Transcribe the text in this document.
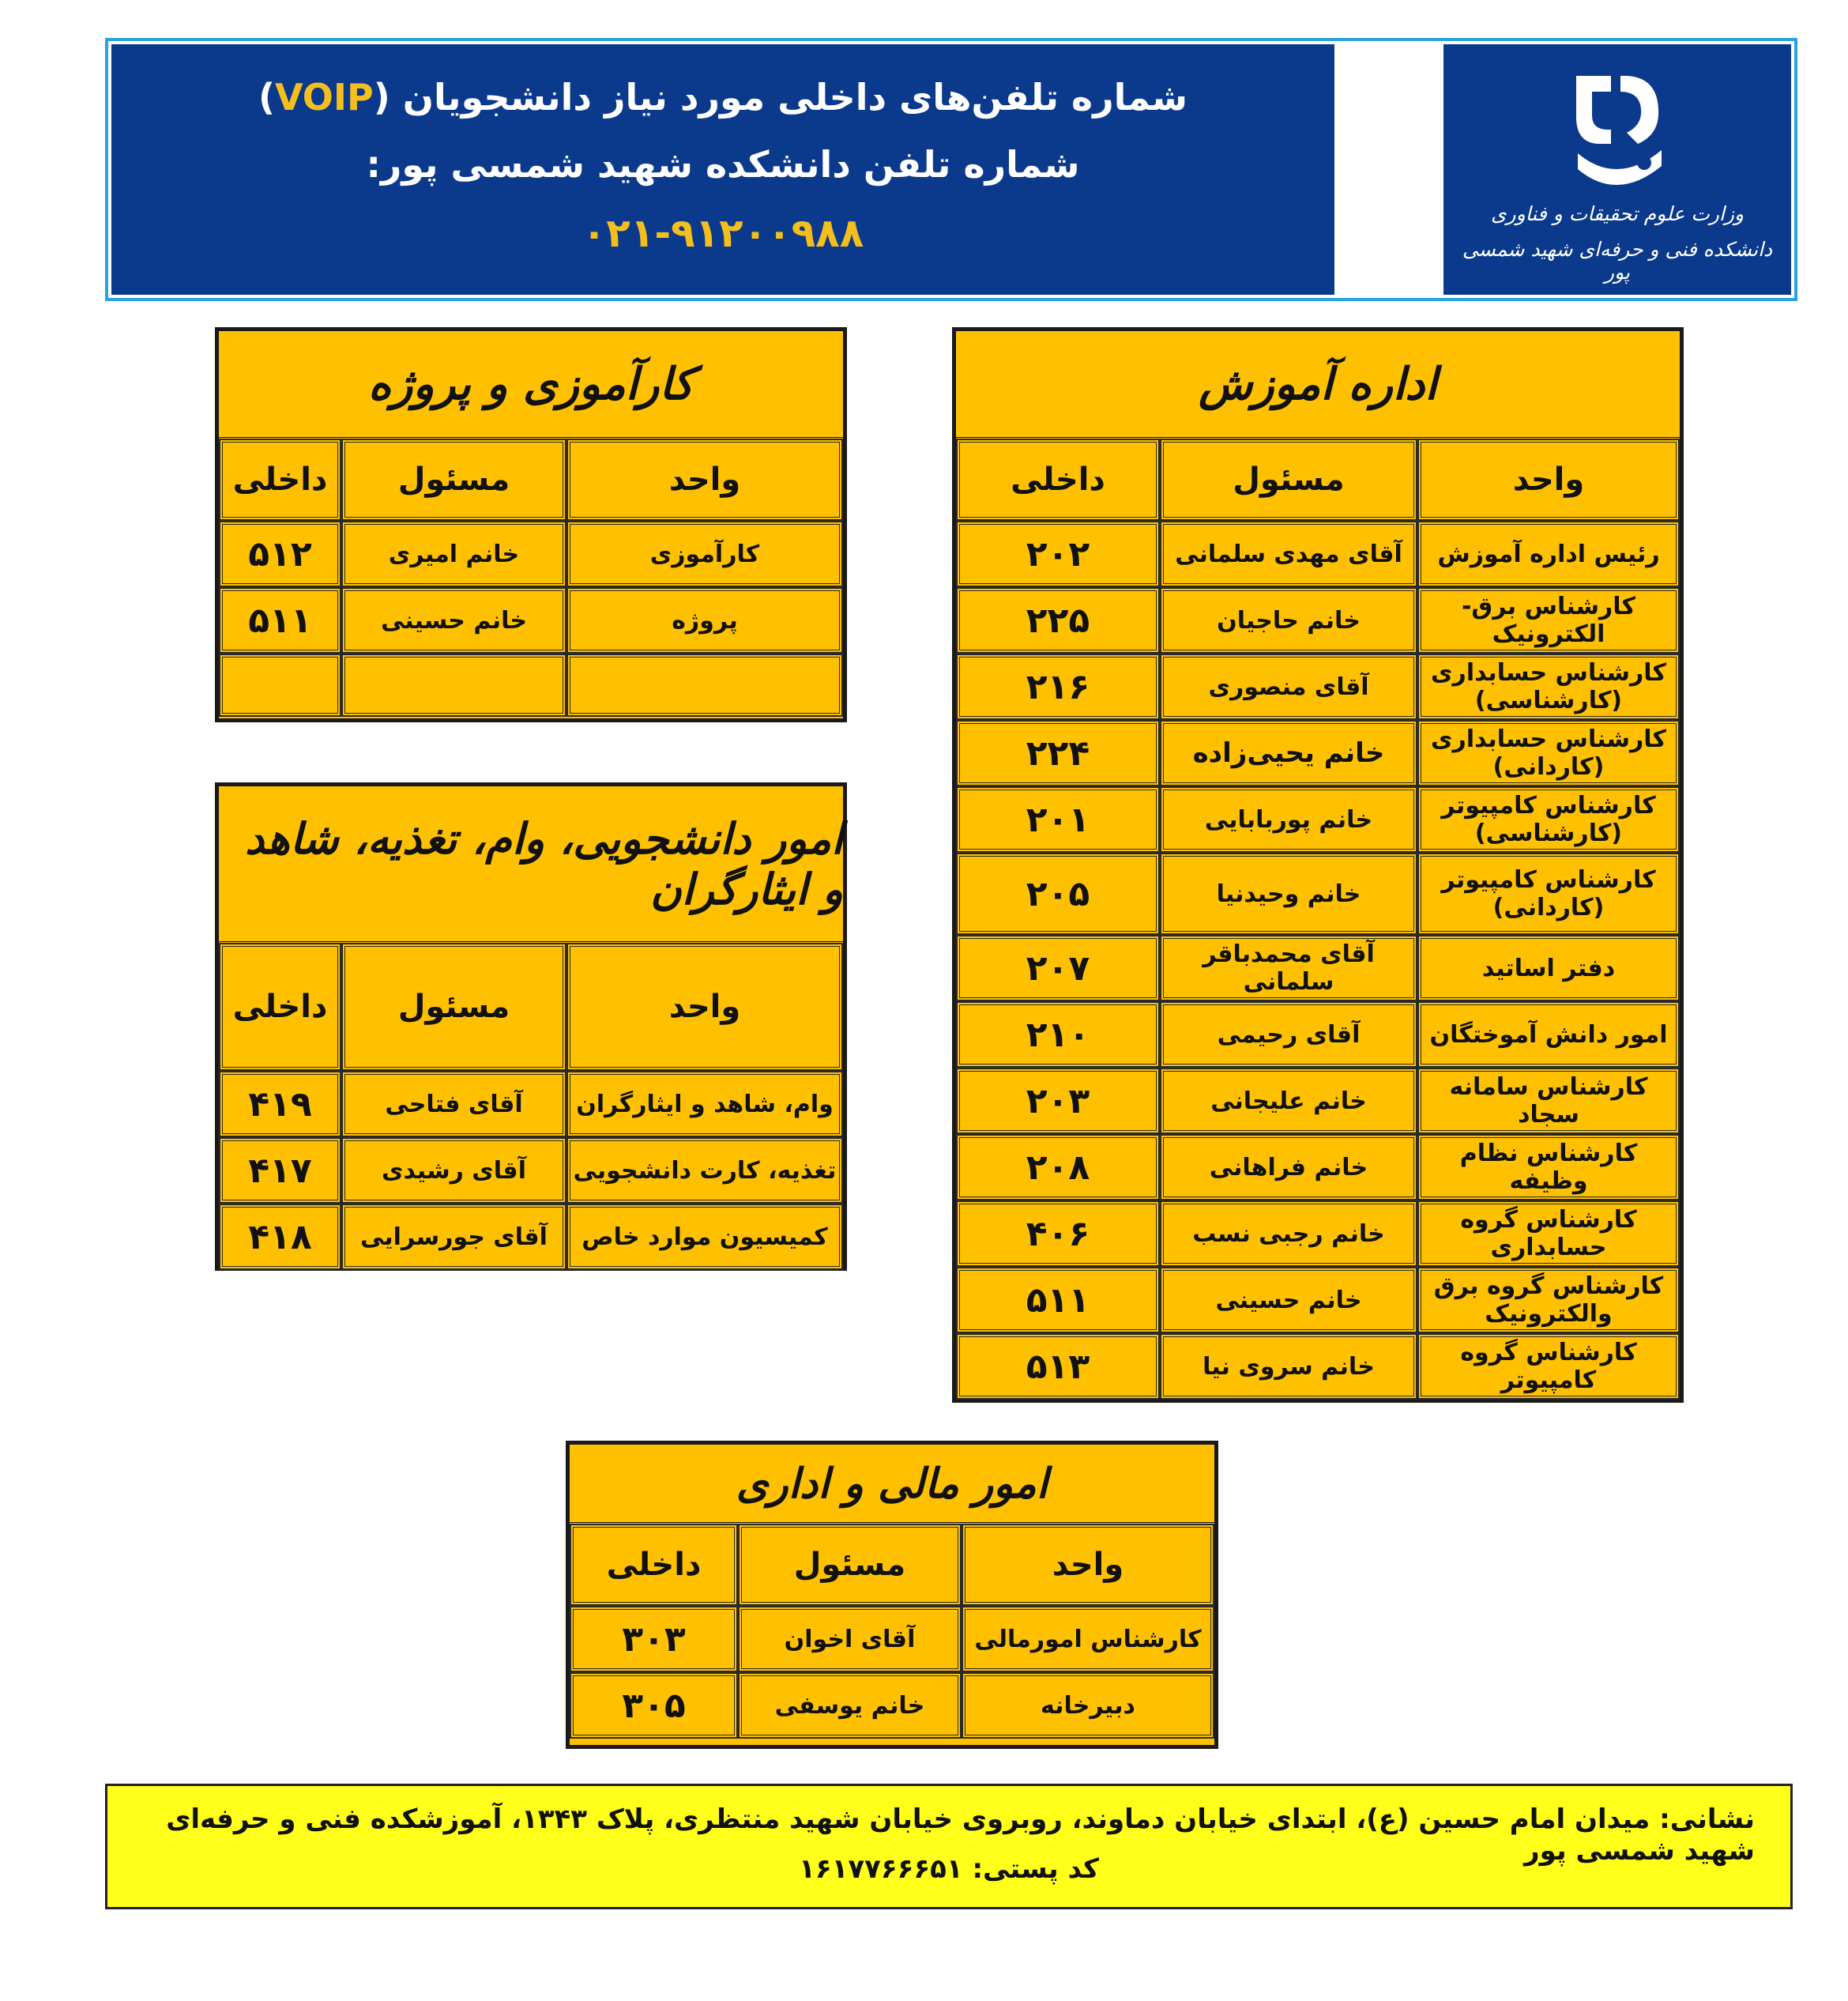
شماره تلفن‌های داخلی مورد نیاز دانشجویان (VOIP)
شماره تلفن دانشکده شهید شمسی پور:
۰۲۱-۹۱۲۰۰۹۸۸	وزارت علوم تحقیقات و فناوری
دانشکده فنی و حرفه‌ای شهید شمسی پور
اداره آموزش
واحد	مسئول	داخلی
رئیس اداره آموزش	آقای مهدی سلمانی	۲۰۲
کارشناس برق-الکترونیک	خانم حاجیان	۲۲۵
کارشناس حسابداری (کارشناسی)	آقای منصوری	۲۱۶
کارشناس حسابداری (کاردانی)	خانم یحیی‌زاده	۲۲۴
کارشناس کامپیوتر (کارشناسی)	خانم پوربابایی	۲۰۱
کارشناس کامپیوتر (کاردانی)	خانم وحیدنیا	۲۰۵
دفتر اساتید	آقای محمدباقر سلمانی	۲۰۷
امور دانش آموختگان	آقای رحیمی	۲۱۰
کارشناس سامانه سجاد	خانم علیجانی	۲۰۳
کارشناس نظام وظیفه	خانم فراهانی	۲۰۸
کارشناس گروه حسابداری	خانم رجبی نسب	۴۰۶
کارشناس گروه برق والکترونیک	خانم حسینی	۵۱۱
کارشناس گروه کامپیوتر	خانم سروی نیا	۵۱۳
کارآموزی و پروژه
واحد	مسئول	داخلی
کارآموزی	خانم امیری	۵۱۲
پروژه	خانم حسینی	۵۱۱

امور دانشجویی، وام، تغذیه، شاهد و ایثارگران
واحد	مسئول	داخلی
وام، شاهد و ایثارگران	آقای فتاحی	۴۱۹
تغذیه، کارت دانشجویی	آقای رشیدی	۴۱۷
کمیسیون موارد خاص	آقای جورسرایی	۴۱۸
امور مالی و اداری
واحد	مسئول	داخلی
کارشناس امورمالی	آقای اخوان	۳۰۳
دبیرخانه	خانم یوسفی	۳۰۵
نشانی: میدان امام حسین (ع)، ابتدای خیابان دماوند، روبروی خیابان شهید منتظری، پلاک ۱۳۴۳، آموزشکده فنی و حرفه‌ای شهید شمسی پور
کد پستی: ۱۶۱۷۷۶۶۶۵۱
